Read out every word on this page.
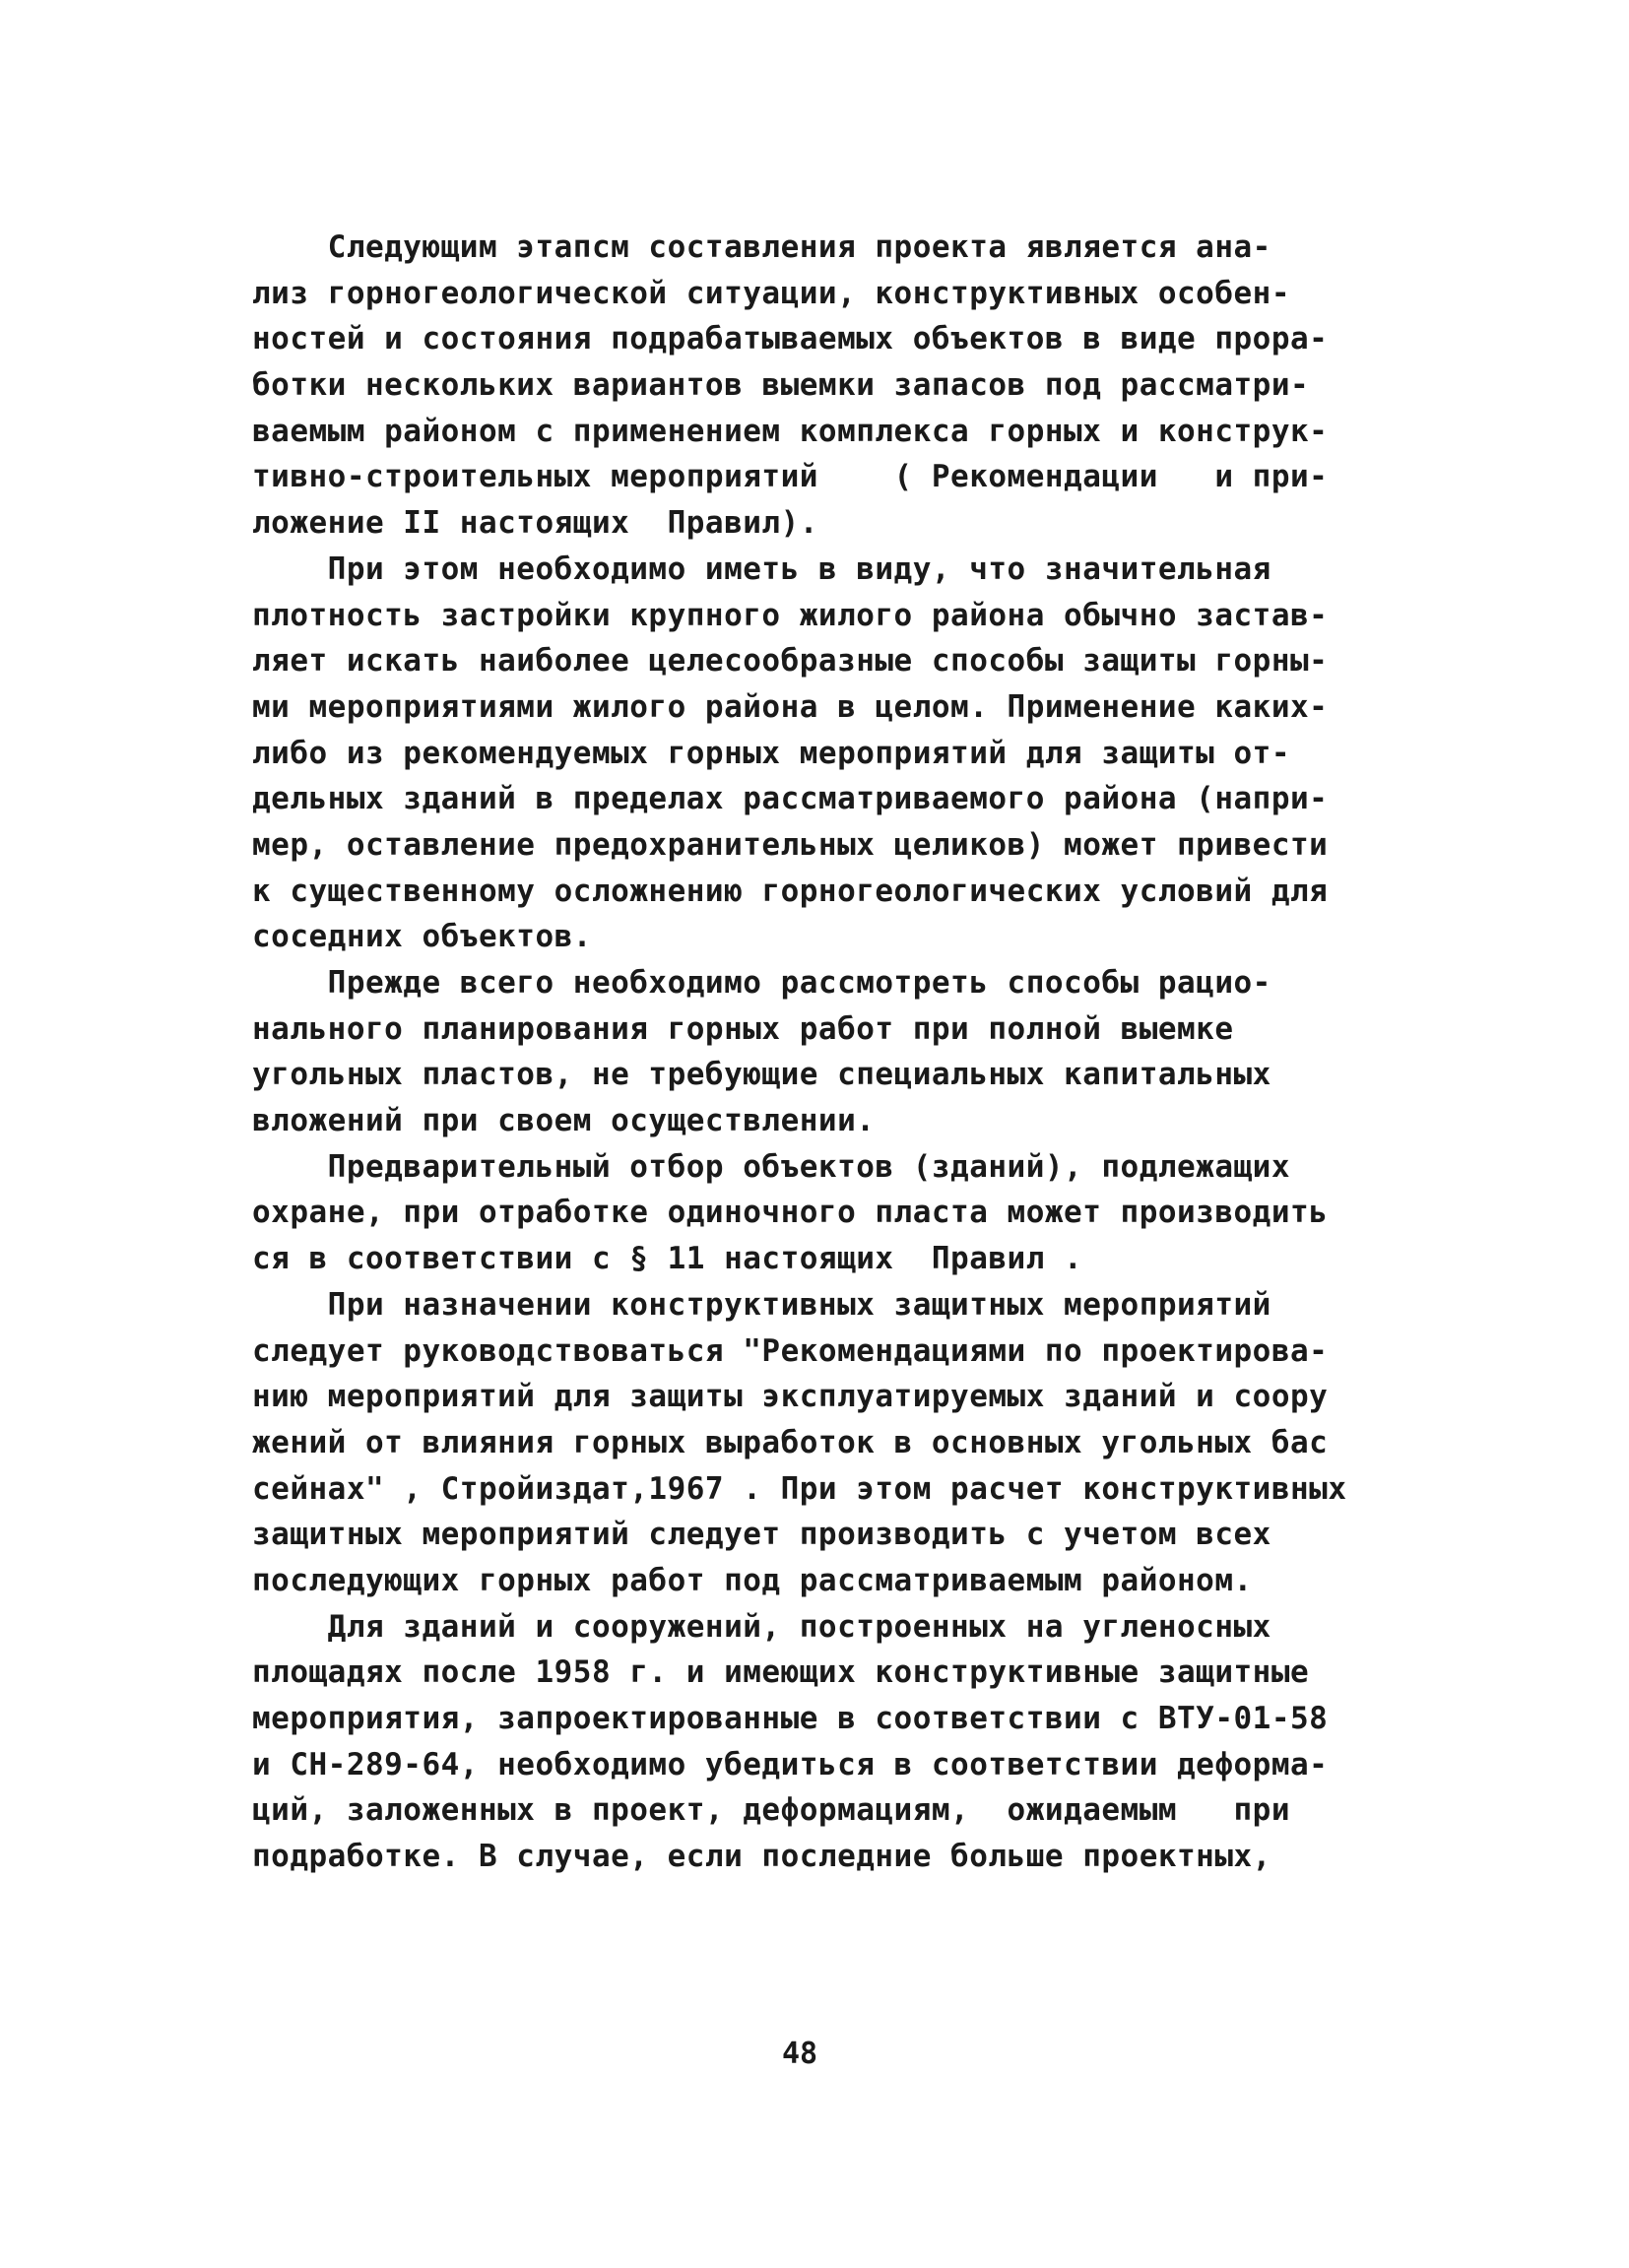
Следующим этапсм составления проекта является ана-
лиз горногеологической ситуации, конструктивных особен-
ностей и состояния подрабатываемых объектов в виде прора-
ботки нескольких вариантов выемки запасов под рассматри-
ваемым районом с применением комплекса горных и конструк-
тивно-строительных мероприятий    ( Рекомендации   и при-
ложение II настоящих  Правил).
При этом необходимо иметь в виду, что значительная
плотность застройки крупного жилого района обычно застав-
ляет искать наиболее целесообразные способы защиты горны-
ми мероприятиями жилого района в целом. Применение каких-
либо из рекомендуемых горных мероприятий для защиты от-
дельных зданий в пределах рассматриваемого района (напри-
мер, оставление предохранительных целиков) может привести
к существенному осложнению горногеологических условий для
соседних объектов.
Прежде всего необходимо рассмотреть способы рацио-
нального планирования горных работ при полной выемке
угольных пластов, не требующие специальных капитальных
вложений при своем осуществлении.
Предварительный отбор объектов (зданий), подлежащих
охране, при отработке одиночного пласта может производить
ся в соответствии с § 11 настоящих  Правил .
При назначении конструктивных защитных мероприятий
следует руководствоваться "Рекомендациями по проектирова-
нию мероприятий для защиты эксплуатируемых зданий и соору
жений от влияния горных выработок в основных угольных бас
сейнах" , Стройиздат,1967 . При этом расчет конструктивных
защитных мероприятий следует производить с учетом всех
последующих горных работ под рассматриваемым районом.
Для зданий и сооружений, построенных на угленосных
площадях после 1958 г. и имеющих конструктивные защитные
мероприятия, запроектированные в соответствии с ВТУ-01-58
и СН-289-64, необходимо убедиться в соответствии деформа-
ций, заложенных в проект, деформациям,  ожидаемым   при
подработке. В случае, если последние больше проектных,
48
